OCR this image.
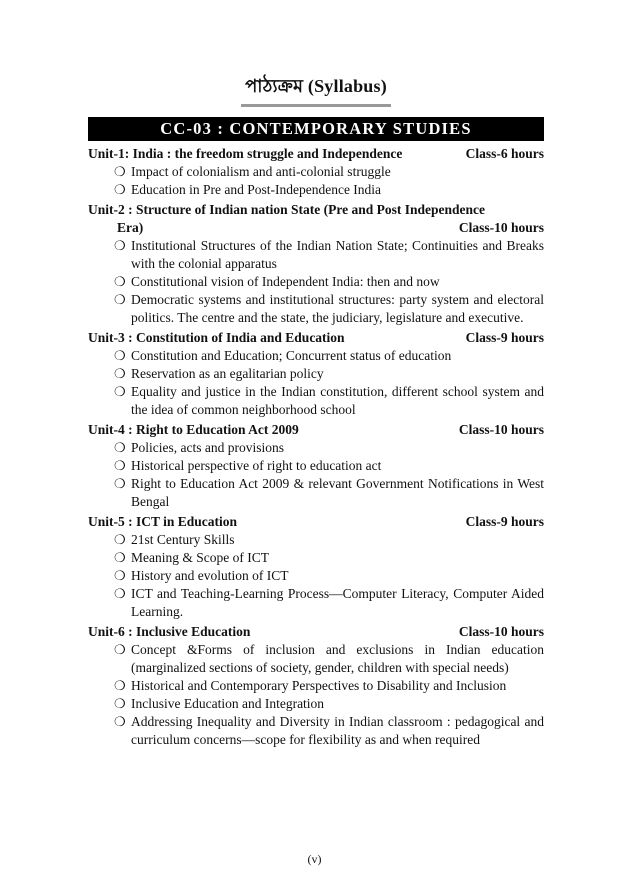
পাঠ্যক্রম (Syllabus)
CC-03 : CONTEMPORARY STUDIES
Unit-1: India : the freedom struggle and Independence	Class-6 hours
❍ Impact of colonialism and anti-colonial struggle
❍ Education in Pre and Post-Independence India
Unit-2 : Structure of Indian nation State (Pre and Post Independence
Era)	Class-10 hours
❍ Institutional Structures of the Indian Nation State; Continuities and Breaks with the colonial apparatus
❍ Constitutional vision of Independent India: then and now
❍ Democratic systems and institutional structures: party system and electoral politics. The centre and the state, the judiciary, legislature and executive.
Unit-3 : Constitution of India and Education	Class-9 hours
❍ Constitution and Education; Concurrent status of education
❍ Reservation as an egalitarian policy
❍ Equality and justice in the Indian constitution, different school system and the idea of common neighborhood school
Unit-4 : Right to Education Act 2009	Class-10 hours
❍ Policies, acts and provisions
❍ Historical perspective of right to education act
❍ Right to Education Act 2009 & relevant Government Notifications in West Bengal
Unit-5 : ICT in Education	Class-9 hours
❍ 21st Century Skills
❍ Meaning & Scope of ICT
❍ History and evolution of ICT
❍ ICT and Teaching-Learning Process—Computer Literacy, Computer Aided Learning.
Unit-6 : Inclusive Education	Class-10 hours
❍ Concept &Forms of inclusion and exclusions in Indian education (marginalized sections of society, gender, children with special needs)
❍ Historical and Contemporary Perspectives to Disability and Inclusion
❍ Inclusive Education and Integration
❍ Addressing Inequality and Diversity in Indian classroom : pedagogical and curriculum concerns—scope for flexibility as and when required
(v)
